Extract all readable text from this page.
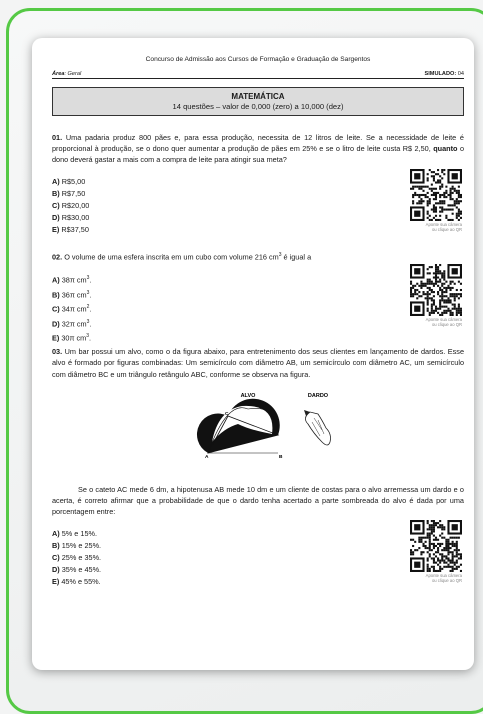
Concurso de Admissão aos Cursos de Formação e Graduação de Sargentos
Área: Geral	SIMULADO: 04
MATEMÁTICA
14 questões – valor de 0,000 (zero) a 10,000 (dez)
01. Uma padaria produz 800 pães e, para essa produção, necessita de 12 litros de leite. Se a necessidade de leite é proporcional à produção, se o dono quer aumentar a produção de pães em 25% e se o litro de leite custa R$ 2,50, quanto o dono deverá gastar a mais com a compra de leite para atingir sua meta?
A) R$5,00
B) R$7,50
C) R$20,00
D) R$30,00
E) R$37,50
Aponte sua câmera
ou clique ao QR
02. O volume de uma esfera inscrita em um cubo com volume 216 $cm^3$ é igual a
A) 38π $cm^3$.
B) 36π $cm^3$.
C) 34π $cm^2$.
D) 32π $cm^3$.
E) 30π $cm^3$.
Aponte sua câmera
ou clique ao QR
03. Um bar possui um alvo, como o da figura abaixo, para entretenimento dos seus clientes em lançamento de dardos. Esse alvo é formado por figuras combinadas: Um semicírculo com diâmetro AB, um semicírculo com diâmetro AC, um semicírculo com diâmetro BC e um triângulo retângulo ABC, conforme se observa na figura.
ALVO	DARDO
A	B
C
Se o cateto AC mede 6 dm, a hipotenusa AB mede 10 dm e um cliente de costas para o alvo arremessa um dardo e o acerta, é correto afirmar que a probabilidade de que o dardo tenha acertado a parte sombreada do alvo é dada por uma porcentagem entre:
A) 5% e 15%.
B) 15% e 25%.
C) 25% e 35%.
D) 35% e 45%.
E) 45% e 55%.
Aponte sua câmera
ou clique ao QR
